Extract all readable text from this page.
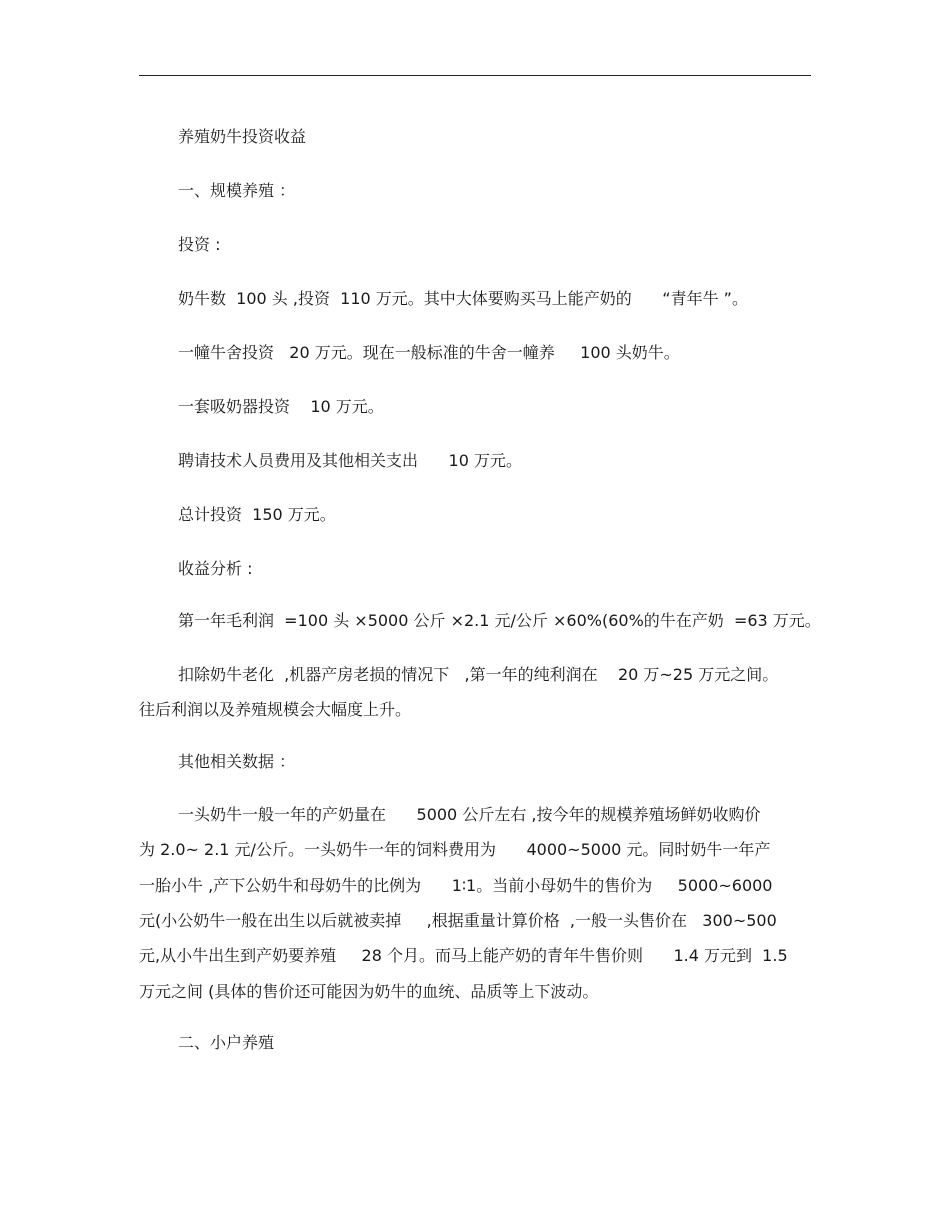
养殖奶牛投资收益
一、规模养殖 ：
投资 :
奶牛数  100 头 ,投资  110 万元。其中大体要购买马上能产奶的      “青年牛 ”。
一幢牛舍投资   20 万元。现在一般标准的牛舍一幢养     100 头奶牛。
一套吸奶器投资    10 万元。
聘请技术人员费用及其他相关支出      10 万元。
总计投资  150 万元。
收益分析 :
第一年毛利润  =100 头 ×5000 公斤 ×2.1 元/公斤 ×60%(60%的牛在产奶  =63 万元。
扣除奶牛老化  ,机器产房老损的情况下   ,第一年的纯利润在    20 万~25 万元之间。
往后利润以及养殖规模会大幅度上升。
其他相关数据 ：
一头奶牛一般一年的产奶量在      5000 公斤左右 ,按今年的规模养殖场鲜奶收购价
为 2.0~ 2.1 元/公斤。一头奶牛一年的饲料费用为      4000~5000 元。同时奶牛一年产
一胎小牛 ,产下公奶牛和母奶牛的比例为      1∶1。当前小母奶牛的售价为     5000~6000
元(小公奶牛一般在出生以后就被卖掉     ,根据重量计算价格  ,一般一头售价在   300~500
元,从小牛出生到产奶要养殖     28 个月。而马上能产奶的青年牛售价则      1.4 万元到  1.5
万元之间 (具体的售价还可能因为奶牛的血统、品质等上下波动。
二、小户养殖
